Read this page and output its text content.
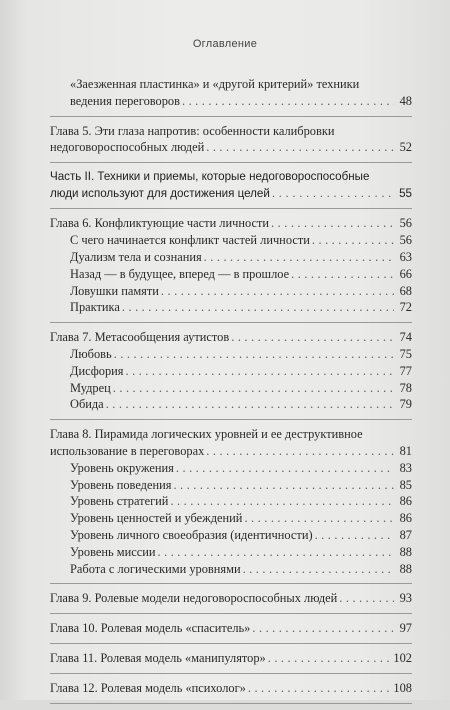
Оглавление
«Заезженная пластинка» и «другой критерий» техники
ведения переговоров . . .	48
Глава 5. Эти глаза напротив: особенности калибровки
недоговороспособных людей . . .	52
Часть II. Техники и приемы, которые недоговороспособные
люди используют для достижения целей . . .	55
Глава 6. Конфликтующие части личности . . .	56
С чего начинается конфликт частей личности . . .	56
Дуализм тела и сознания . . .	63
Назад — в будущее, вперед — в прошлое . . .	66
Ловушки памяти . . .	68
Практика . . .	72
Глава 7. Метасообщения аутистов . . .	74
Любовь . . .	75
Дисфория . . .	77
Мудрец . . .	78
Обида . . .	79
Глава 8. Пирамида логических уровней и ее деструктивное
использование в переговорах . . .	81
Уровень окружения . . .	83
Уровень поведения . . .	85
Уровень стратегий . . .	86
Уровень ценностей и убеждений . . .	86
Уровень личного своеобразия (идентичности) . . .	87
Уровень миссии . . .	88
Работа с логическими уровнями . . .	88
Глава 9. Ролевые модели недоговороспособных людей . . .	93
Глава 10. Ролевая модель «спаситель» . . .	97
Глава 11. Ролевая модель «манипулятор» . . .	102
Глава 12. Ролевая модель «психолог» . . .	108
